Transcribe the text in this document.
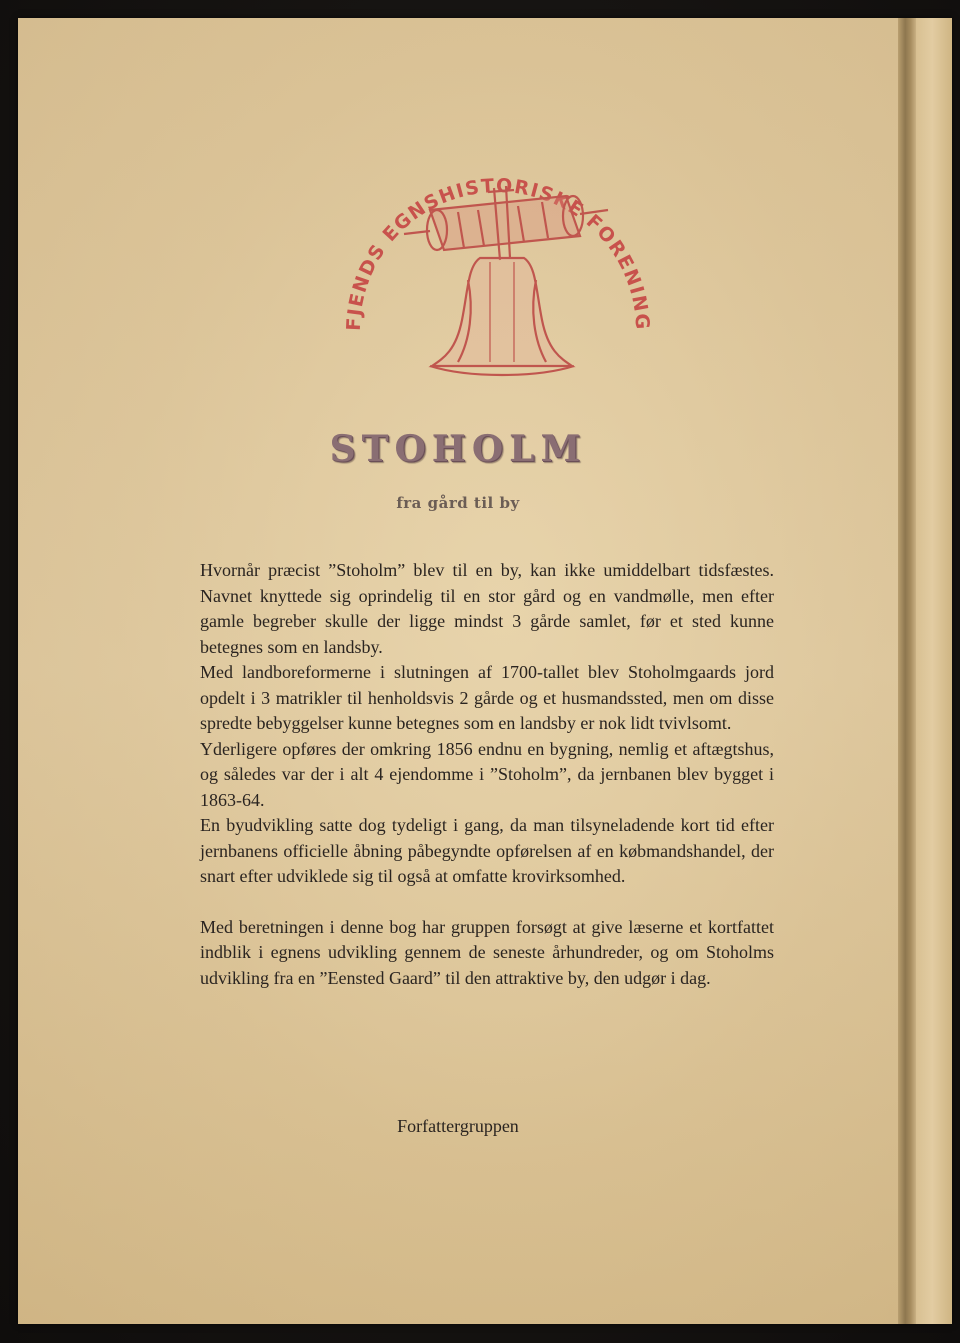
FJENDS EGNSHISTORISKE FORENING
STOHOLM
fra gård til by

Hvornår præcist ”Stoholm” blev til en by, kan ikke umiddelbart tidsfæstes. Navnet knyttede sig oprindelig til en stor gård og en vandmølle, men efter gamle begreber skulle der ligge mindst 3 gårde samlet, før et sted kunne betegnes som en landsby.

Med landboreformerne i slutningen af 1700-tallet blev Stoholmgaards jord opdelt i 3 matrikler til henholdsvis 2 gårde og et husmandssted, men om disse spredte bebyggelser kunne betegnes som en landsby er nok lidt tvivlsomt.

Yderligere opføres der omkring 1856 endnu en bygning, nemlig et aftægtshus, og således var der i alt 4 ejendomme i ”Stoholm”, da jernbanen blev bygget i 1863-64.

En byudvikling satte dog tydeligt i gang, da man tilsyneladende kort tid efter jernbanens officielle åbning påbegyndte opførelsen af en købmandshandel, der snart efter udviklede sig til også at omfatte krovirksomhed.

Med beretningen i denne bog har gruppen forsøgt at give læserne et kortfattet indblik i egnens udvikling gennem de seneste århundreder, og om Stoholms udvikling fra en ”Eensted Gaard” til den attraktive by, den udgør i dag.

Forfattergruppen
